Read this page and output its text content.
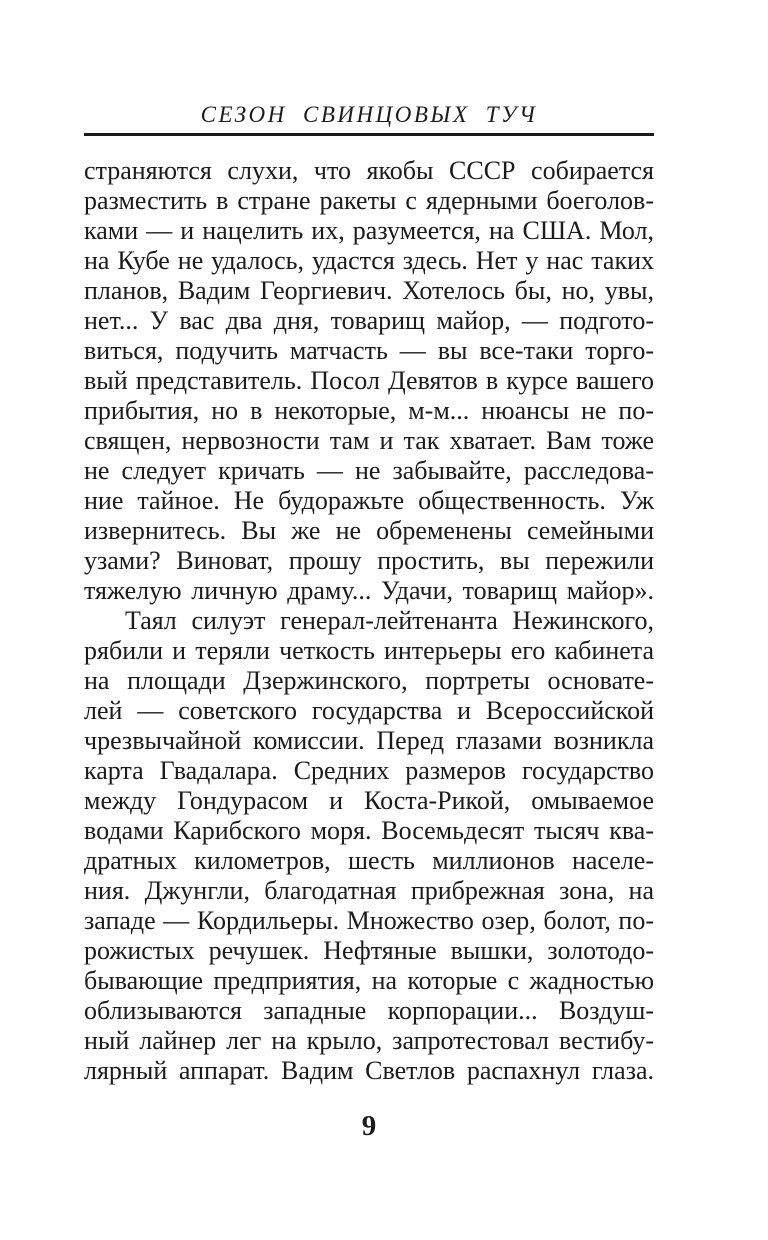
СЕЗОН СВИНЦОВЫХ ТУЧ
страняются слухи, что якобы СССР собирается
разместить в стране ракеты с ядерными боеголов-
ками — и нацелить их, разумеется, на США. Мол,
на Кубе не удалось, удастся здесь. Нет у нас таких
планов, Вадим Георгиевич. Хотелось бы, но, увы,
нет... У вас два дня, товарищ майор, — подгото-
виться, подучить матчасть — вы все-таки торго-
вый представитель. Посол Девятов в курсе вашего
прибытия, но в некоторые, м-м... нюансы не по-
священ, нервозности там и так хватает. Вам тоже
не следует кричать — не забывайте, расследова-
ние тайное. Не будоражьте общественность. Уж
извернитесь. Вы же не обременены семейными
узами? Виноват, прошу простить, вы пережили
тяжелую личную драму... Удачи, товарищ майор».
Таял силуэт генерал-лейтенанта Нежинского,
рябили и теряли четкость интерьеры его кабинета
на площади Дзержинского, портреты основате-
лей — советского государства и Всероссийской
чрезвычайной комиссии. Перед глазами возникла
карта Гвадалара. Средних размеров государство
между Гондурасом и Коста-Рикой, омываемое
водами Карибского моря. Восемьдесят тысяч ква-
дратных километров, шесть миллионов населе-
ния. Джунгли, благодатная прибрежная зона, на
западе — Кордильеры. Множество озер, болот, по-
рожистых речушек. Нефтяные вышки, золотодо-
бывающие предприятия, на которые с жадностью
облизываются западные корпорации... Воздуш-
ный лайнер лег на крыло, запротестовал вестибу-
лярный аппарат. Вадим Светлов распахнул глаза.
9
